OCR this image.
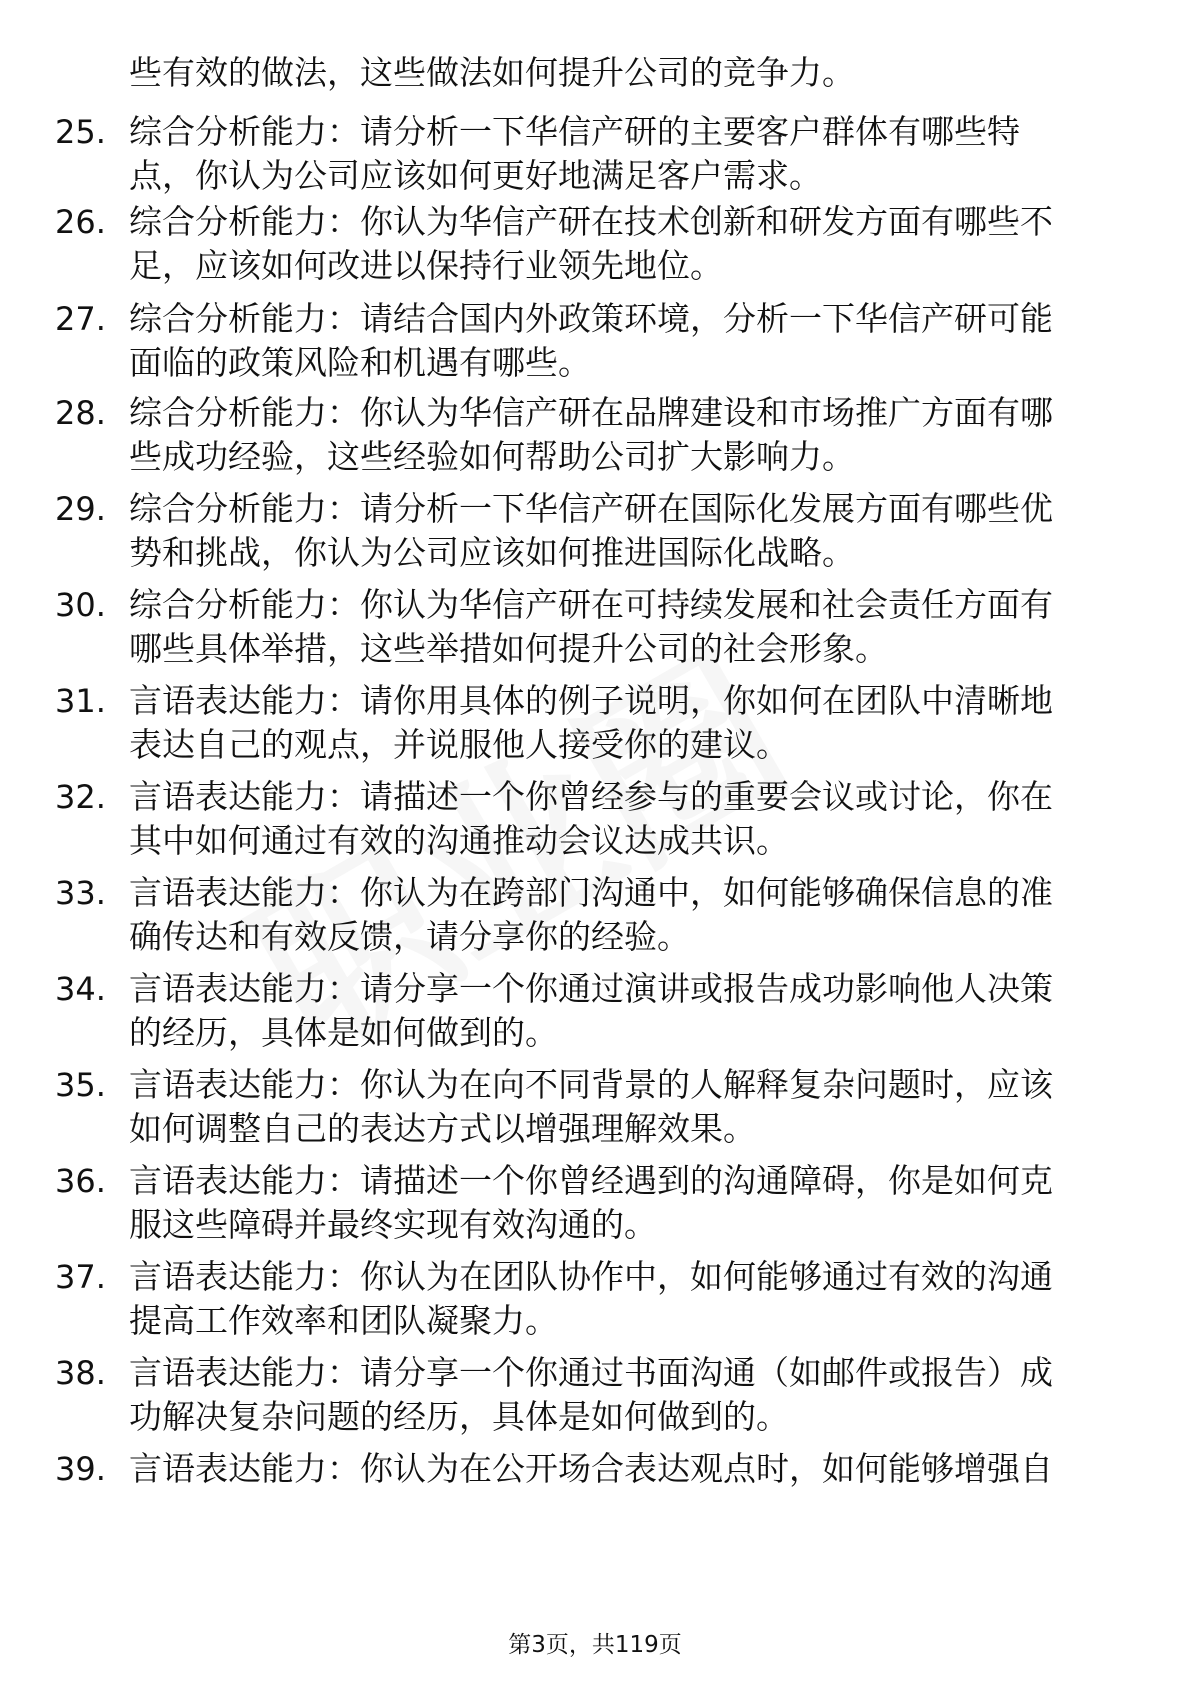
些有效的做法，这些做法如何提升公司的竞争力。
25. 综合分析能力：请分析一下华信产研的主要客户群体有哪些特
点，你认为公司应该如何更好地满足客户需求。
26. 综合分析能力：你认为华信产研在技术创新和研发方面有哪些不
足，应该如何改进以保持行业领先地位。
27. 综合分析能力：请结合国内外政策环境，分析一下华信产研可能
面临的政策风险和机遇有哪些。
28. 综合分析能力：你认为华信产研在品牌建设和市场推广方面有哪
些成功经验，这些经验如何帮助公司扩大影响力。
29. 综合分析能力：请分析一下华信产研在国际化发展方面有哪些优
势和挑战，你认为公司应该如何推进国际化战略。
30. 综合分析能力：你认为华信产研在可持续发展和社会责任方面有
哪些具体举措，这些举措如何提升公司的社会形象。
31. 言语表达能力：请你用具体的例子说明，你如何在团队中清晰地
表达自己的观点，并说服他人接受你的建议。
32. 言语表达能力：请描述一个你曾经参与的重要会议或讨论，你在
其中如何通过有效的沟通推动会议达成共识。
33. 言语表达能力：你认为在跨部门沟通中，如何能够确保信息的准
确传达和有效反馈，请分享你的经验。
34. 言语表达能力：请分享一个你通过演讲或报告成功影响他人决策
的经历，具体是如何做到的。
35. 言语表达能力：你认为在向不同背景的人解释复杂问题时，应该
如何调整自己的表达方式以增强理解效果。
36. 言语表达能力：请描述一个你曾经遇到的沟通障碍，你是如何克
服这些障碍并最终实现有效沟通的。
37. 言语表达能力：你认为在团队协作中，如何能够通过有效的沟通
提高工作效率和团队凝聚力。
38. 言语表达能力：请分享一个你通过书面沟通（如邮件或报告）成
功解决复杂问题的经历，具体是如何做到的。
39. 言语表达能力：你认为在公开场合表达观点时，如何能够增强自
第3页，共119页
